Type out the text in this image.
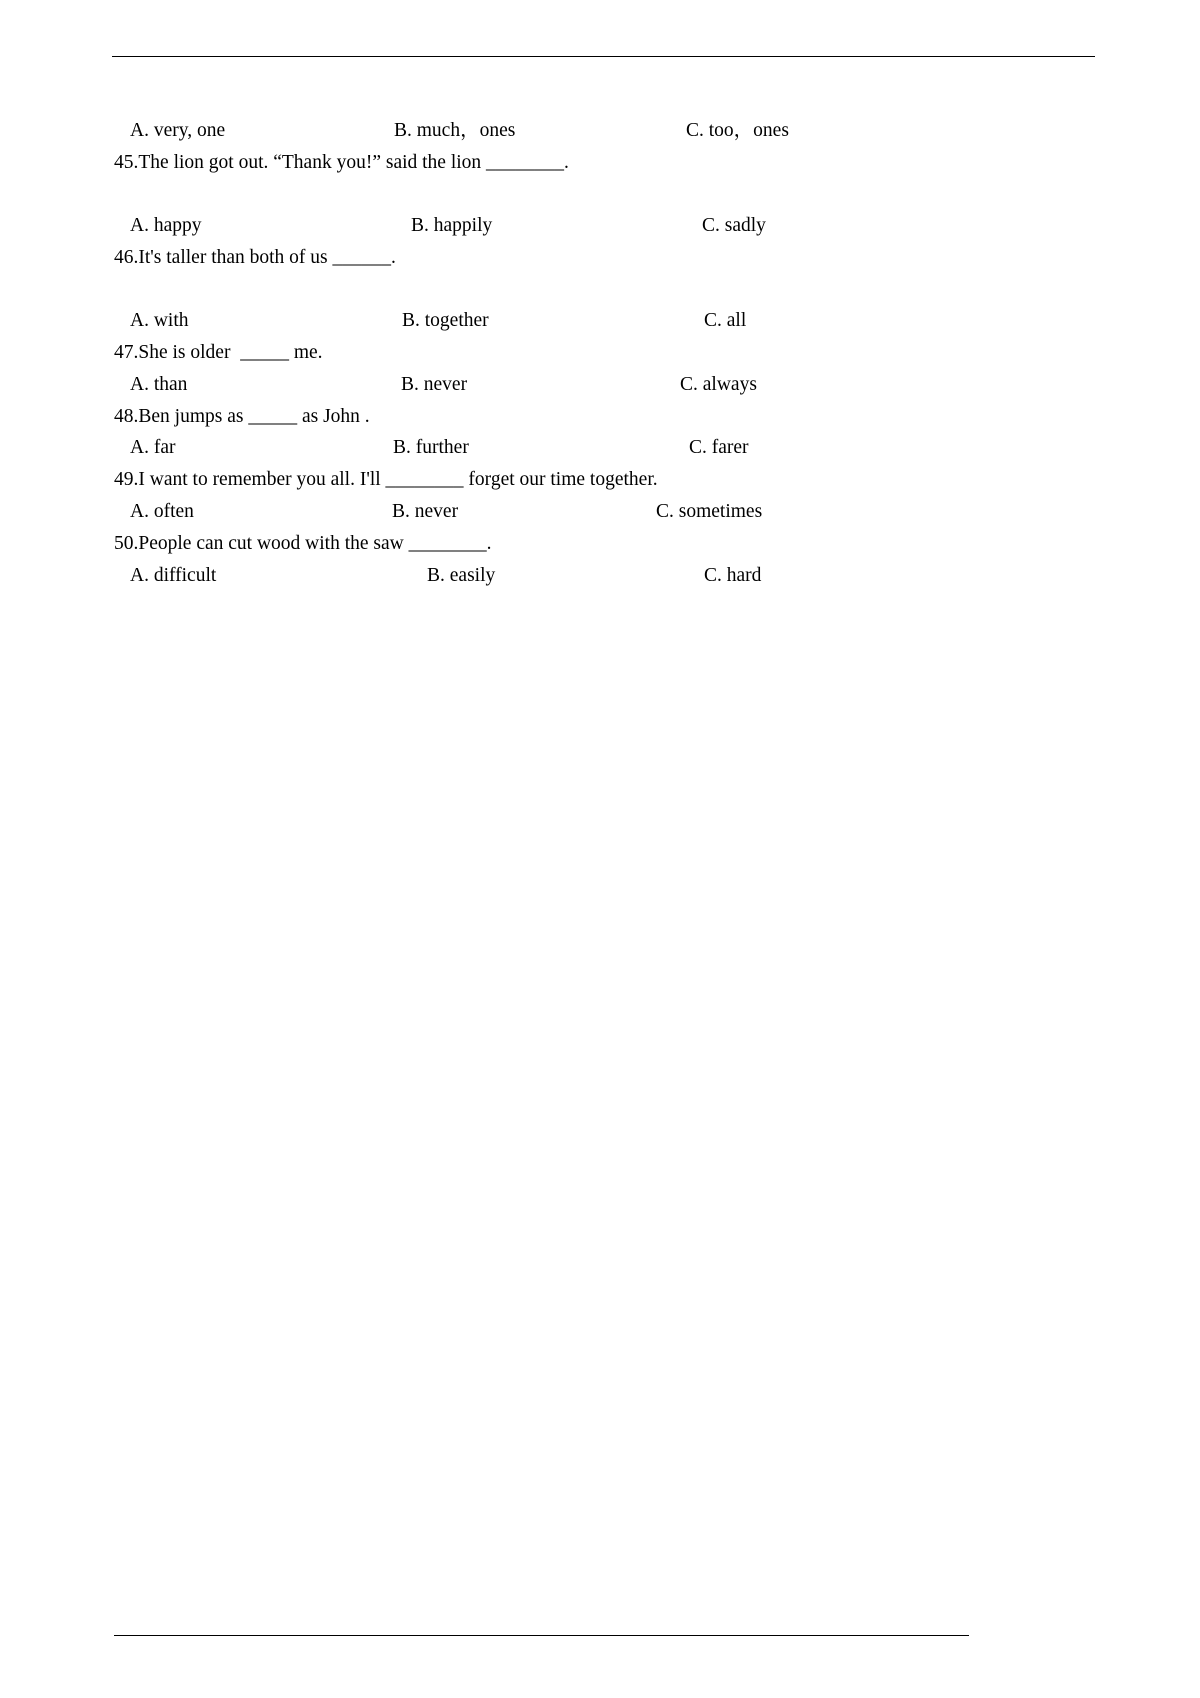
A. very, one	B. much，ones	C. too，ones
45.The lion got out. “Thank you!” said the lion ________.
A. happy	B. happily	C. sadly
46.It's taller than both of us ______.
A. with	B. together	C. all
47.She is older  _____ me.
A. than	B. never	C. always
48.Ben jumps as _____ as John .
A. far	B. further	C. farer
49.I want to remember you all. I'll ________ forget our time together.
A. often	B. never	C. sometimes
50.People can cut wood with the saw ________.
A. difficult	B. easily	C. hard
